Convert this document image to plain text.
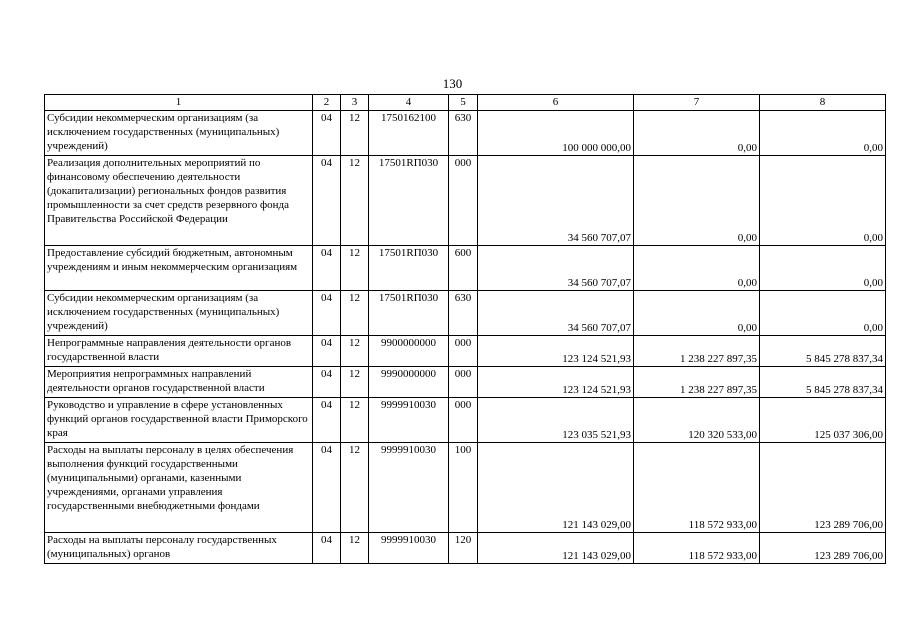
130
1	2	3	4	5	6	7	8
Субсидии некоммерческим организациям (за исключением государственных (муниципальных) учреждений)	04	12	1750162100	630	100 000 000,00	0,00	0,00
Реализация дополнительных мероприятий по финансовому обеспечению деятельности (докапитализации) региональных фондов развития промышленности за счет средств резервного фонда Правительства Российской Федерации	04	12	17501RП030	000	34 560 707,07	0,00	0,00
Предоставление субсидий бюджетным, автономным учреждениям и иным некоммерческим организациям	04	12	17501RП030	600	34 560 707,07	0,00	0,00
Субсидии некоммерческим организациям (за исключением государственных (муниципальных) учреждений)	04	12	17501RП030	630	34 560 707,07	0,00	0,00
Непрограммные направления деятельности органов государственной власти	04	12	9900000000	000	123 124 521,93	1 238 227 897,35	5 845 278 837,34
Мероприятия непрограммных направлений деятельности органов государственной власти	04	12	9990000000	000	123 124 521,93	1 238 227 897,35	5 845 278 837,34
Руководство и управление в сфере установленных функций органов государственной власти Приморского края	04	12	9999910030	000	123 035 521,93	120 320 533,00	125 037 306,00
Расходы на выплаты персоналу в целях обеспечения выполнения функций государственными (муниципальными) органами, казенными учреждениями, органами управления государственными внебюджетными фондами	04	12	9999910030	100	121 143 029,00	118 572 933,00	123 289 706,00
Расходы на выплаты персоналу государственных (муниципальных) органов	04	12	9999910030	120	121 143 029,00	118 572 933,00	123 289 706,00
